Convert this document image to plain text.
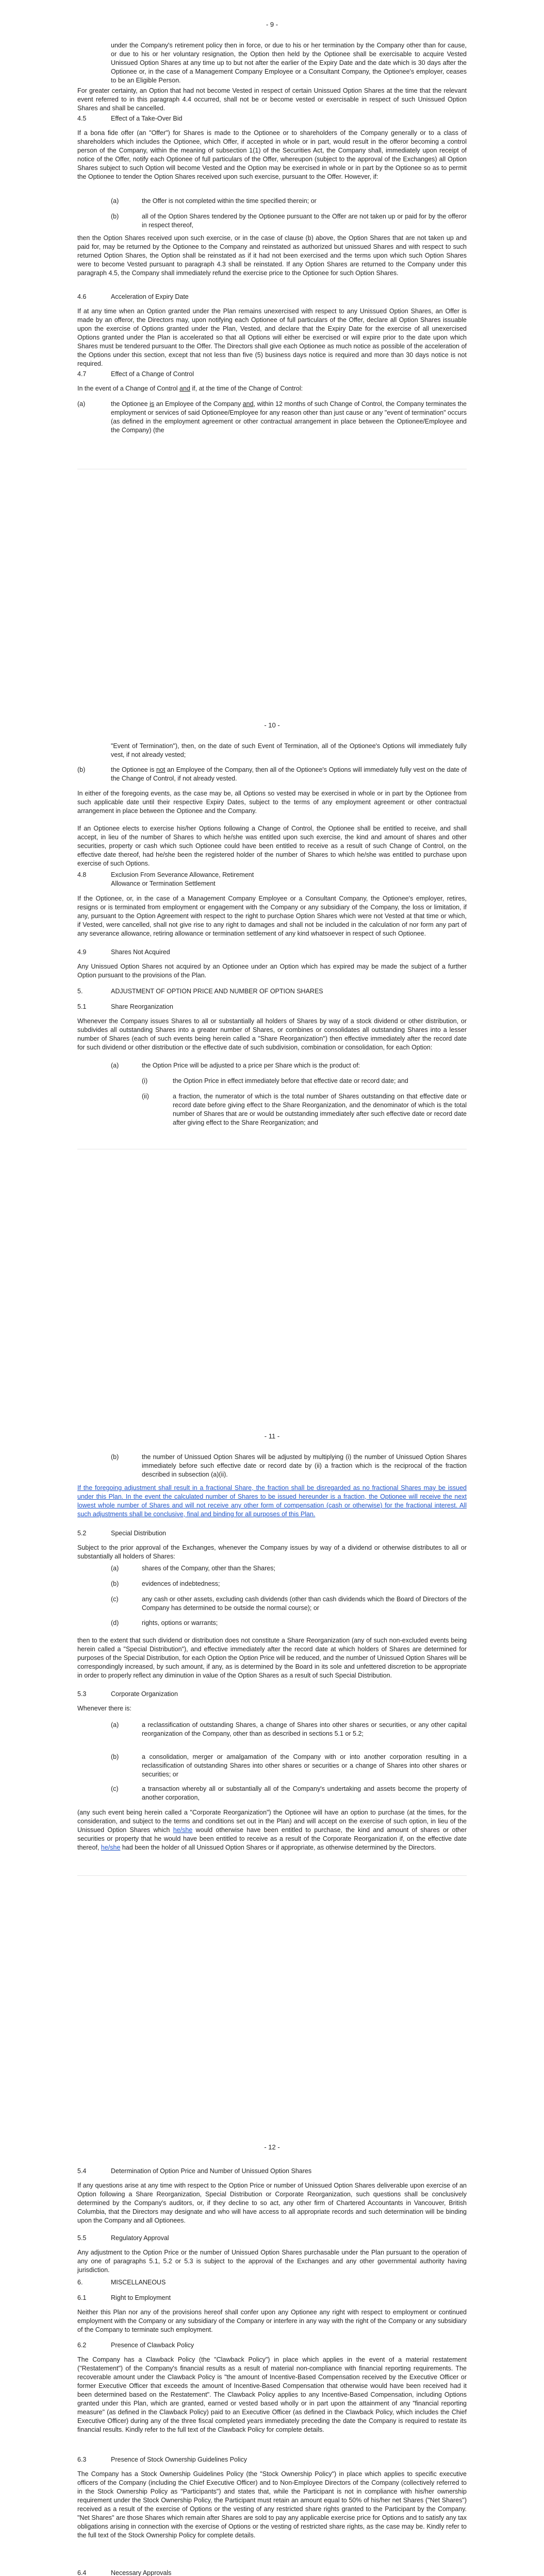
- 9 -

under the Company's retirement policy then in force, or due to his or her termination by the Company other than for cause, or due to his or her voluntary resignation, the Option then held by the Optionee shall be exercisable to acquire Vested Unissued Option Shares at any time up to but not after the earlier of the Expiry Date and the date which is 30 days after the Optionee or, in the case of a Management Company Employee or a Consultant Company, the Optionee's employer, ceases to be an Eligible Person.

For greater certainty, an Option that had not become Vested in respect of certain Unissued Option Shares at the time that the relevant event referred to in this paragraph 4.4 occurred, shall not be or become vested or exercisable in respect of such Unissued Option Shares and shall be cancelled.

4.5	Effect of a Take-Over Bid

If a bona fide offer (an "Offer") for Shares is made to the Optionee or to shareholders of the Company generally or to a class of shareholders which includes the Optionee, which Offer, if accepted in whole or in part, would result in the offeror becoming a control person of the Company, within the meaning of subsection 1(1) of the Securities Act, the Company shall, immediately upon receipt of notice of the Offer, notify each Optionee of full particulars of the Offer, whereupon (subject to the approval of the Exchanges) all Option Shares subject to such Option will become Vested and the Option may be exercised in whole or in part by the Optionee so as to permit the Optionee to tender the Option Shares received upon such exercise, pursuant to the Offer. However, if:

(a)	the Offer is not completed within the time specified therein; or

(b)	all of the Option Shares tendered by the Optionee pursuant to the Offer are not taken up or paid for by the offeror in respect thereof,

then the Option Shares received upon such exercise, or in the case of clause (b) above, the Option Shares that are not taken up and paid for, may be returned by the Optionee to the Company and reinstated as authorized but unissued Shares and with respect to such returned Option Shares, the Option shall be reinstated as if it had not been exercised and the terms upon which such Option Shares were to become Vested pursuant to paragraph 4.3 shall be reinstated. If any Option Shares are returned to the Company under this paragraph 4.5, the Company shall immediately refund the exercise price to the Optionee for such Option Shares.

4.6	Acceleration of Expiry Date

If at any time when an Option granted under the Plan remains unexercised with respect to any Unissued Option Shares, an Offer is made by an offeror, the Directors may, upon notifying each Optionee of full particulars of the Offer, declare all Option Shares issuable upon the exercise of Options granted under the Plan, Vested, and declare that the Expiry Date for the exercise of all unexercised Options granted under the Plan is accelerated so that all Options will either be exercised or will expire prior to the date upon which Shares must be tendered pursuant to the Offer. The Directors shall give each Optionee as much notice as possible of the acceleration of the Options under this section, except that not less than five (5) business days notice is required and more than 30 days notice is not required.

4.7	Effect of a Change of Control

In the event of a Change of Control and if, at the time of the Change of Control:

(a)	the Optionee is an Employee of the Company and, within 12 months of such Change of Control, the Company terminates the employment or services of said Optionee/Employee for any reason other than just cause or any "event of termination" occurs (as defined in the employment agreement or other contractual arrangement in place between the Optionee/Employee and the Company) (the

- 10 -

"Event of Termination"), then, on the date of such Event of Termination, all of the Optionee's Options will immediately fully vest, if not already vested;

(b)	the Optionee is not an Employee of the Company, then all of the Optionee's Options will immediately fully vest on the date of the Change of Control, if not already vested.

In either of the foregoing events, as the case may be, all Options so vested may be exercised in whole or in part by the Optionee from such applicable date until their respective Expiry Dates, subject to the terms of any employment agreement or other contractual arrangement in place between the Optionee and the Company.

If an Optionee elects to exercise his/her Options following a Change of Control, the Optionee shall be entitled to receive, and shall accept, in lieu of the number of Shares to which he/she was entitled upon such exercise, the kind and amount of shares and other securities, property or cash which such Optionee could have been entitled to receive as a result of such Change of Control, on the effective date thereof, had he/she been the registered holder of the number of Shares to which he/she was entitled to purchase upon exercise of such Options.

4.8	Exclusion From Severance Allowance, Retirement
Allowance or Termination Settlement

If the Optionee, or, in the case of a Management Company Employee or a Consultant Company, the Optionee's employer, retires, resigns or is terminated from employment or engagement with the Company or any subsidiary of the Company, the loss or limitation, if any, pursuant to the Option Agreement with respect to the right to purchase Option Shares which were not Vested at that time or which, if Vested, were cancelled, shall not give rise to any right to damages and shall not be included in the calculation of nor form any part of any severance allowance, retiring allowance or termination settlement of any kind whatsoever in respect of such Optionee.

4.9	Shares Not Acquired

Any Unissued Option Shares not acquired by an Optionee under an Option which has expired may be made the subject of a further Option pursuant to the provisions of the Plan.

5.	ADJUSTMENT OF OPTION PRICE AND NUMBER OF OPTION SHARES
5.1	Share Reorganization

Whenever the Company issues Shares to all or substantially all holders of Shares by way of a stock dividend or other distribution, or subdivides all outstanding Shares into a greater number of Shares, or combines or consolidates all outstanding Shares into a lesser number of Shares (each of such events being herein called a "Share Reorganization") then effective immediately after the record date for such dividend or other distribution or the effective date of such subdivision, combination or consolidation, for each Option:

(a)	the Option Price will be adjusted to a price per Share which is the product of:

(i)	the Option Price in effect immediately before that effective date or record date; and

(ii)	a fraction, the numerator of which is the total number of Shares outstanding on that effective date or record date before giving effect to the Share Reorganization, and the denominator of which is the total number of Shares that are or would be outstanding immediately after such effective date or record date after giving effect to the Share Reorganization; and

- 11 -
(b)	the number of Unissued Option Shares will be adjusted by multiplying (i) the number of Unissued Option Shares immediately before such effective date or record date by (ii) a fraction which is the reciprocal of the fraction described in subsection (a)(ii).

If the foregoing adjustment shall result in a fractional Share, the fraction shall be disregarded as no fractional Shares may be issued under this Plan. In the event the calculated number of Shares to be issued hereunder is a fraction, the Optionee will receive the next lowest whole number of Shares and will not receive any other form of compensation (cash or otherwise) for the fractional interest. All such adjustments shall be conclusive, final and binding for all purposes of this Plan.

5.2	Special Distribution

Subject to the prior approval of the Exchanges, whenever the Company issues by way of a dividend or otherwise distributes to all or substantially all holders of Shares:

(a)	shares of the Company, other than the Shares;

(b)	evidences of indebtedness;

(c)	any cash or other assets, excluding cash dividends (other than cash dividends which the Board of Directors of the Company has determined to be outside the normal course); or

(d)	rights, options or warrants;

then to the extent that such dividend or distribution does not constitute a Share Reorganization (any of such non-excluded events being herein called a "Special Distribution"), and effective immediately after the record date at which holders of Shares are determined for purposes of the Special Distribution, for each Option the Option Price will be reduced, and the number of Unissued Option Shares will be correspondingly increased, by such amount, if any, as is determined by the Board in its sole and unfettered discretion to be appropriate in order to properly reflect any diminution in value of the Option Shares as a result of such Special Distribution.

5.3	Corporate Organization

Whenever there is:

(a)	a reclassification of outstanding Shares, a change of Shares into other shares or securities, or any other capital reorganization of the Company, other than as described in sections 5.1 or 5.2;

(b)	a consolidation, merger or amalgamation of the Company with or into another corporation resulting in a reclassification of outstanding Shares into other shares or securities or a change of Shares into other shares or securities; or

(c)	a transaction whereby all or substantially all of the Company's undertaking and assets become the property of another corporation,

(any such event being herein called a "Corporate Reorganization") the Optionee will have an option to purchase (at the times, for the consideration, and subject to the terms and conditions set out in the Plan) and will accept on the exercise of such option, in lieu of the Unissued Option Shares which he/she would otherwise have been entitled to purchase, the kind and amount of shares or other securities or property that he would have been entitled to receive as a result of the Corporate Reorganization if, on the effective date thereof, he/she had been the holder of all Unissued Option Shares or if appropriate, as otherwise determined by the Directors.

- 12 -
5.4	Determination of Option Price and Number of Unissued Option Shares

If any questions arise at any time with respect to the Option Price or number of Unissued Option Shares deliverable upon exercise of an Option following a Share Reorganization, Special Distribution or Corporate Reorganization, such questions shall be conclusively determined by the Company's auditors, or, if they decline to so act, any other firm of Chartered Accountants in Vancouver, British Columbia, that the Directors may designate and who will have access to all appropriate records and such determination will be binding upon the Company and all Optionees.

5.5	Regulatory Approval

Any adjustment to the Option Price or the number of Unissued Option Shares purchasable under the Plan pursuant to the operation of any one of paragraphs 5.1, 5.2 or 5.3 is subject to the approval of the Exchanges and any other governmental authority having jurisdiction.

6.	MISCELLANEOUS
6.1	Right to Employment

Neither this Plan nor any of the provisions hereof shall confer upon any Optionee any right with respect to employment or continued employment with the Company or any subsidiary of the Company or interfere in any way with the right of the Company or any subsidiary of the Company to terminate such employment.

6.2	Presence of Clawback Policy

The Company has a Clawback Policy (the "Clawback Policy") in place which applies in the event of a material restatement ("Restatement") of the Company's financial results as a result of material non-compliance with financial reporting requirements. The recoverable amount under the Clawback Policy is "the amount of Incentive-Based Compensation received by the Executive Officer or former Executive Officer that exceeds the amount of Incentive-Based Compensation that otherwise would have been received had it been determined based on the Restatement". The Clawback Policy applies to any Incentive-Based Compensation, including Options granted under this Plan, which are granted, earned or vested based wholly or in part upon the attainment of any "financial reporting measure" (as defined in the Clawback Policy) paid to an Executive Officer (as defined in the Clawback Policy, which includes the Chief Executive Officer) during any of the three fiscal completed years immediately preceding the date the Company is required to restate its financial results. Kindly refer to the full text of the Clawback Policy for complete details.

6.3	Presence of Stock Ownership Guidelines Policy

The Company has a Stock Ownership Guidelines Policy (the "Stock Ownership Policy") in place which applies to specific executive officers of the Company (including the Chief Executive Officer) and to Non-Employee Directors of the Company (collectively referred to in the Stock Ownership Policy as "Participants") and states that, while the Participant is not in compliance with his/her ownership requirement under the Stock Ownership Policy, the Participant must retain an amount equal to 50% of his/her net Shares ("Net Shares") received as a result of the exercise of Options or the vesting of any restricted share rights granted to the Participant by the Company. "Net Shares" are those Shares which remain after Shares are sold to pay any applicable exercise price for Options and to satisfy any tax obligations arising in connection with the exercise of Options or the vesting of restricted share rights, as the case may be. Kindly refer to the full text of the Stock Ownership Policy for complete details.

6.4	Necessary Approvals
